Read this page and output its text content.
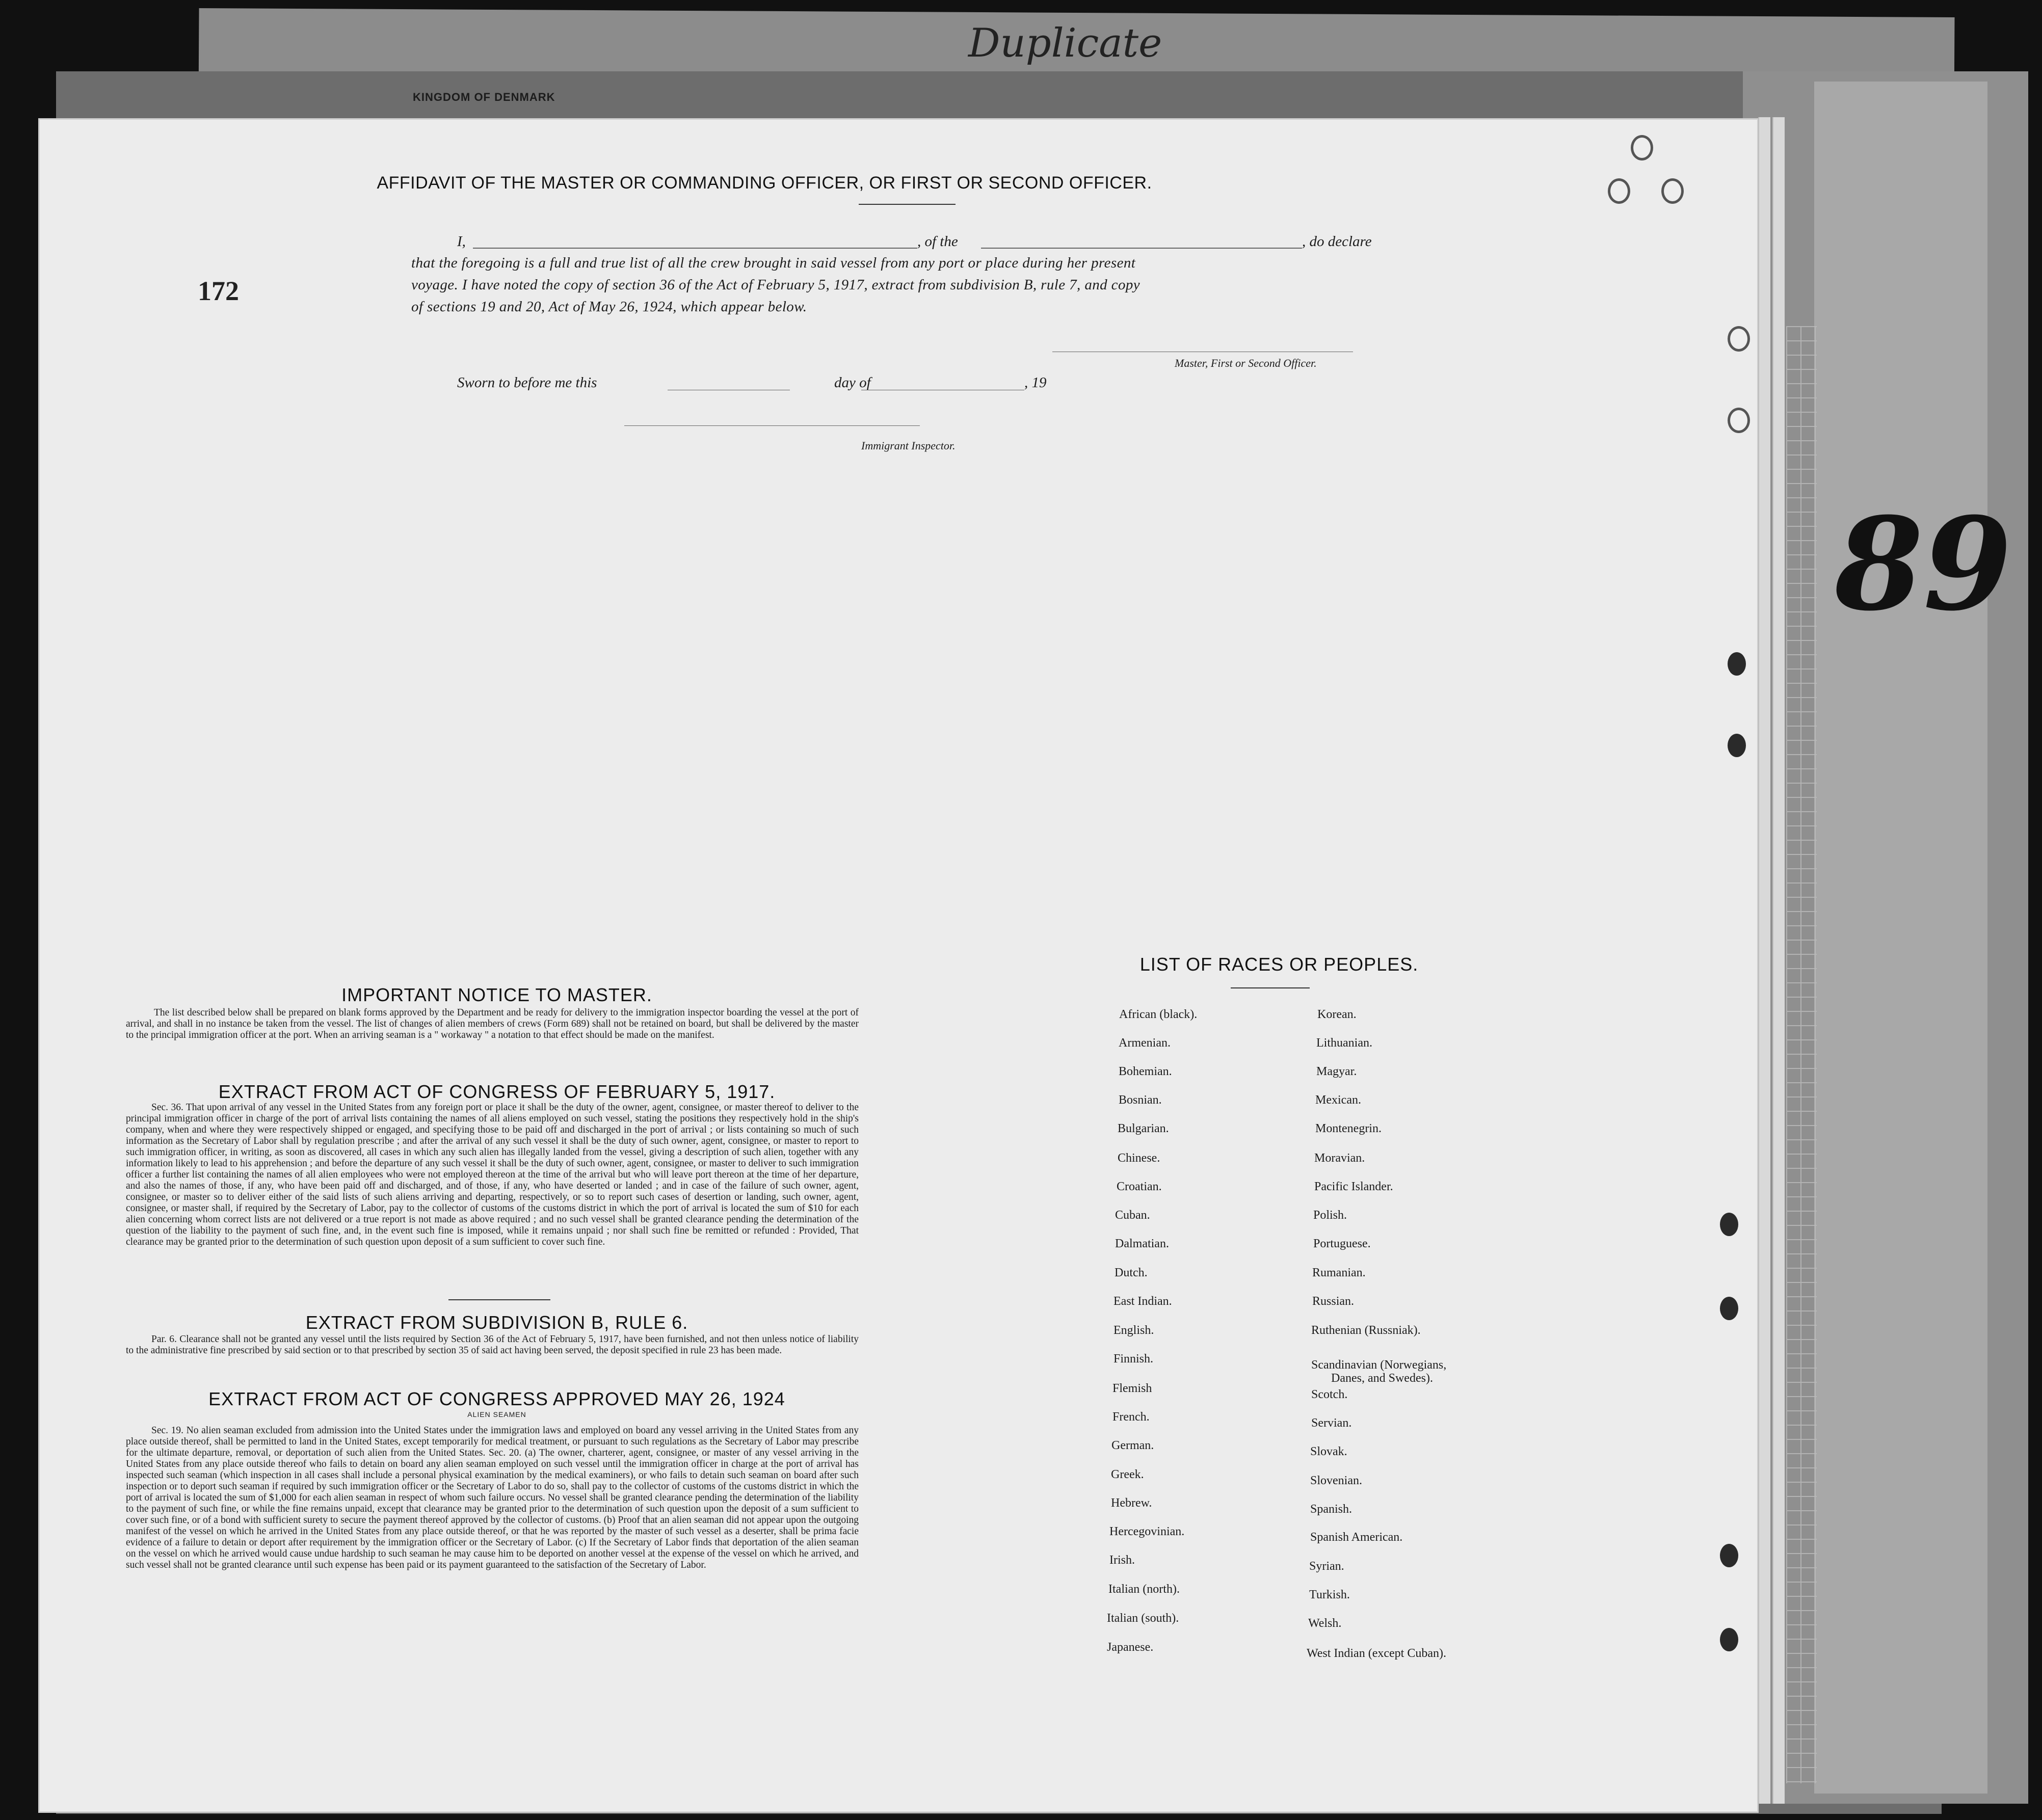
Duplicate
KINGDOM OF DENMARK
89
172
AFFIDAVIT OF THE MASTER OR COMMANDING OFFICER, OR FIRST OR SECOND OFFICER.
I,	, of the	, do declare
that the foregoing is a full and true list of all the crew brought in said vessel from any port or place during her present
voyage. I have noted the copy of section 36 of the Act of February 5, 1917, extract from subdivision B, rule 7, and copy
of sections 19 and 20, Act of May 26, 1924, which appear below.
Master, First or Second Officer.
Sworn to before me this	day of	, 19
Immigrant Inspector.
IMPORTANT NOTICE TO MASTER.
The list described below shall be prepared on blank forms approved by the Department and be ready for delivery to the immigration inspector boarding the vessel at the port of arrival, and shall in no instance be taken from the vessel. The list of changes of alien members of crews (Form 689) shall not be retained on board, but shall be delivered by the master to the principal immigration officer at the port. When an arriving seaman is a " workaway " a notation to that effect should be made on the manifest.
EXTRACT FROM ACT OF CONGRESS OF FEBRUARY 5, 1917.
Sec. 36. That upon arrival of any vessel in the United States from any foreign port or place it shall be the duty of the owner, agent, consignee, or master thereof to deliver to the principal immigration officer in charge of the port of arrival lists containing the names of all aliens employed on such vessel, stating the positions they respectively hold in the ship's company, when and where they were respectively shipped or engaged, and specifying those to be paid off and discharged in the port of arrival ; or lists containing so much of such information as the Secretary of Labor shall by regulation prescribe ; and after the arrival of any such vessel it shall be the duty of such owner, agent, consignee, or master to report to such immigration officer, in writing, as soon as discovered, all cases in which any such alien has illegally landed from the vessel, giving a description of such alien, together with any information likely to lead to his apprehension ; and before the departure of any such vessel it shall be the duty of such owner, agent, consignee, or master to deliver to such immigration officer a further list containing the names of all alien employees who were not employed thereon at the time of the arrival but who will leave port thereon at the time of her departure, and also the names of those, if any, who have been paid off and discharged, and of those, if any, who have deserted or landed ; and in case of the failure of such owner, agent, consignee, or master so to deliver either of the said lists of such aliens arriving and departing, respectively, or so to report such cases of desertion or landing, such owner, agent, consignee, or master shall, if required by the Secretary of Labor, pay to the collector of customs of the customs district in which the port of arrival is located the sum of $10 for each alien concerning whom correct lists are not delivered or a true report is not made as above required ; and no such vessel shall be granted clearance pending the determination of the question of the liability to the payment of such fine, and, in the event such fine is imposed, while it remains unpaid ; nor shall such fine be remitted or refunded : Provided, That clearance may be granted prior to the determination of such question upon deposit of a sum sufficient to cover such fine.
EXTRACT FROM SUBDIVISION B, RULE 6.
Par. 6. Clearance shall not be granted any vessel until the lists required by Section 36 of the Act of February 5, 1917, have been furnished, and not then unless notice of liability to the administrative fine prescribed by said section or to that prescribed by section 35 of said act having been served, the deposit specified in rule 23 has been made.
EXTRACT FROM ACT OF CONGRESS APPROVED MAY 26, 1924
ALIEN SEAMEN
Sec. 19. No alien seaman excluded from admission into the United States under the immigration laws and employed on board any vessel arriving in the United States from any place outside thereof, shall be permitted to land in the United States, except temporarily for medical treatment, or pursuant to such regulations as the Secretary of Labor may prescribe for the ultimate departure, removal, or deportation of such alien from the United States. Sec. 20. (a) The owner, charterer, agent, consignee, or master of any vessel arriving in the United States from any place outside thereof who fails to detain on board any alien seaman employed on such vessel until the immigration officer in charge at the port of arrival has inspected such seaman (which inspection in all cases shall include a personal physical examination by the medical examiners), or who fails to detain such seaman on board after such inspection or to deport such seaman if required by such immigration officer or the Secretary of Labor to do so, shall pay to the collector of customs of the customs district in which the port of arrival is located the sum of $1,000 for each alien seaman in respect of whom such failure occurs. No vessel shall be granted clearance pending the determination of the liability to the payment of such fine, or while the fine remains unpaid, except that clearance may be granted prior to the determination of such question upon the deposit of a sum sufficient to cover such fine, or of a bond with sufficient surety to secure the payment thereof approved by the collector of customs. (b) Proof that an alien seaman did not appear upon the outgoing manifest of the vessel on which he arrived in the United States from any place outside thereof, or that he was reported by the master of such vessel as a deserter, shall be prima facie evidence of a failure to detain or deport after requirement by the immigration officer or the Secretary of Labor. (c) If the Secretary of Labor finds that deportation of the alien seaman on the vessel on which he arrived would cause undue hardship to such seaman he may cause him to be deported on another vessel at the expense of the vessel on which he arrived, and such vessel shall not be granted clearance until such expense has been paid or its payment guaranteed to the satisfaction of the Secretary of Labor.
LIST OF RACES OR PEOPLES.
African (black).
Armenian.
Bohemian.
Bosnian.
Bulgarian.
Chinese.
Croatian.
Cuban.
Dalmatian.
Dutch.
East Indian.
English.
Finnish.
Flemish
French.
German.
Greek.
Hebrew.
Hercegovinian.
Irish.
Italian (north).
Italian (south).
Japanese.
Korean.
Lithuanian.
Magyar.
Mexican.
Montenegrin.
Moravian.
Pacific Islander.
Polish.
Portuguese.
Rumanian.
Russian.
Ruthenian (Russniak).
Scandinavian (Norwegians,
Scotch.
Servian.
Slovak.
Slovenian.
Spanish.
Spanish American.
Syrian.
Turkish.
Welsh.
West Indian (except Cuban).
Danes, and Swedes).
